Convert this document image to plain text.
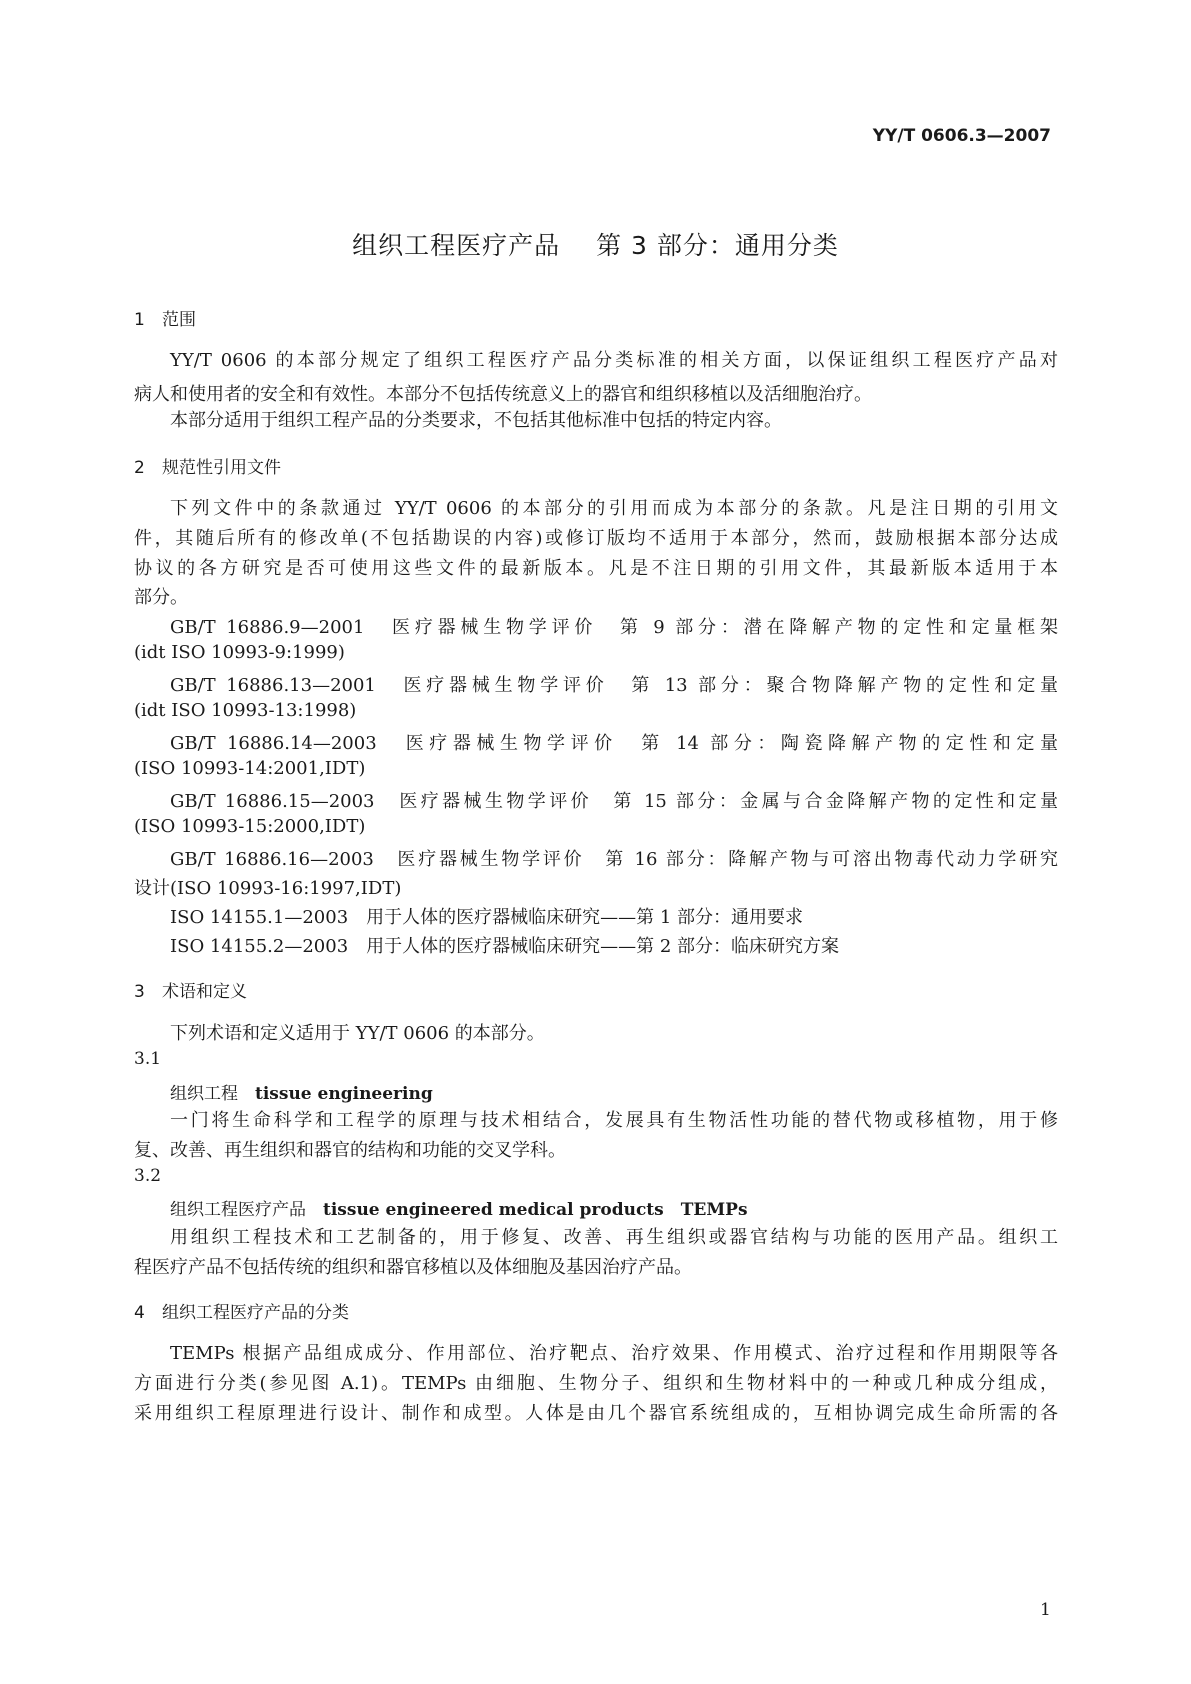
YY/T 0606.3—2007
组织工程医疗产品 第 3 部分：通用分类
1 范围
YY/T 0606 的本部分规定了组织工程医疗产品分类标准的相关方面，以保证组织工程医疗产品对
病人和使用者的安全和有效性。本部分不包括传统意义上的器官和组织移植以及活细胞治疗。
本部分适用于组织工程产品的分类要求，不包括其他标准中包括的特定内容。
2 规范性引用文件
下列文件中的条款通过 YY/T 0606 的本部分的引用而成为本部分的条款。凡是注日期的引用文
件，其随后所有的修改单(不包括勘误的内容)或修订版均不适用于本部分，然而，鼓励根据本部分达成
协议的各方研究是否可使用这些文件的最新版本。凡是不注日期的引用文件，其最新版本适用于本
部分。
GB/T 16886.9—2001　医疗器械生物学评价　第 9 部分：潜在降解产物的定性和定量框架
(idt ISO 10993-9:1999)
GB/T 16886.13—2001　医疗器械生物学评价　第 13 部分：聚合物降解产物的定性和定量
(idt ISO 10993-13:1998)
GB/T 16886.14—2003　医疗器械生物学评价　第 14 部分：陶瓷降解产物的定性和定量
(ISO 10993-14:2001,IDT)
GB/T 16886.15—2003　医疗器械生物学评价　第 15 部分：金属与合金降解产物的定性和定量
(ISO 10993-15:2000,IDT)
GB/T 16886.16—2003　医疗器械生物学评价　第 16 部分：降解产物与可溶出物毒代动力学研究
设计(ISO 10993-16:1997,IDT)
ISO 14155.1—2003　用于人体的医疗器械临床研究——第 1 部分：通用要求
ISO 14155.2—2003　用于人体的医疗器械临床研究——第 2 部分：临床研究方案
3 术语和定义
下列术语和定义适用于 YY/T 0606 的本部分。
3.1
组织工程　 tissue engineering
一门将生命科学和工程学的原理与技术相结合，发展具有生物活性功能的替代物或移植物，用于修
复、改善、再生组织和器官的结构和功能的交叉学科。
3.2
组织工程医疗产品　 tissue engineered medical products　TEMPs
用组织工程技术和工艺制备的，用于修复、改善、再生组织或器官结构与功能的医用产品。组织工
程医疗产品不包括传统的组织和器官移植以及体细胞及基因治疗产品。
4 组织工程医疗产品的分类
TEMPs 根据产品组成成分、作用部位、治疗靶点、治疗效果、作用模式、治疗过程和作用期限等各
方面进行分类(参见图 A.1)。TEMPs 由细胞、生物分子、组织和生物材料中的一种或几种成分组成，
采用组织工程原理进行设计、制作和成型。人体是由几个器官系统组成的，互相协调完成生命所需的各
1
